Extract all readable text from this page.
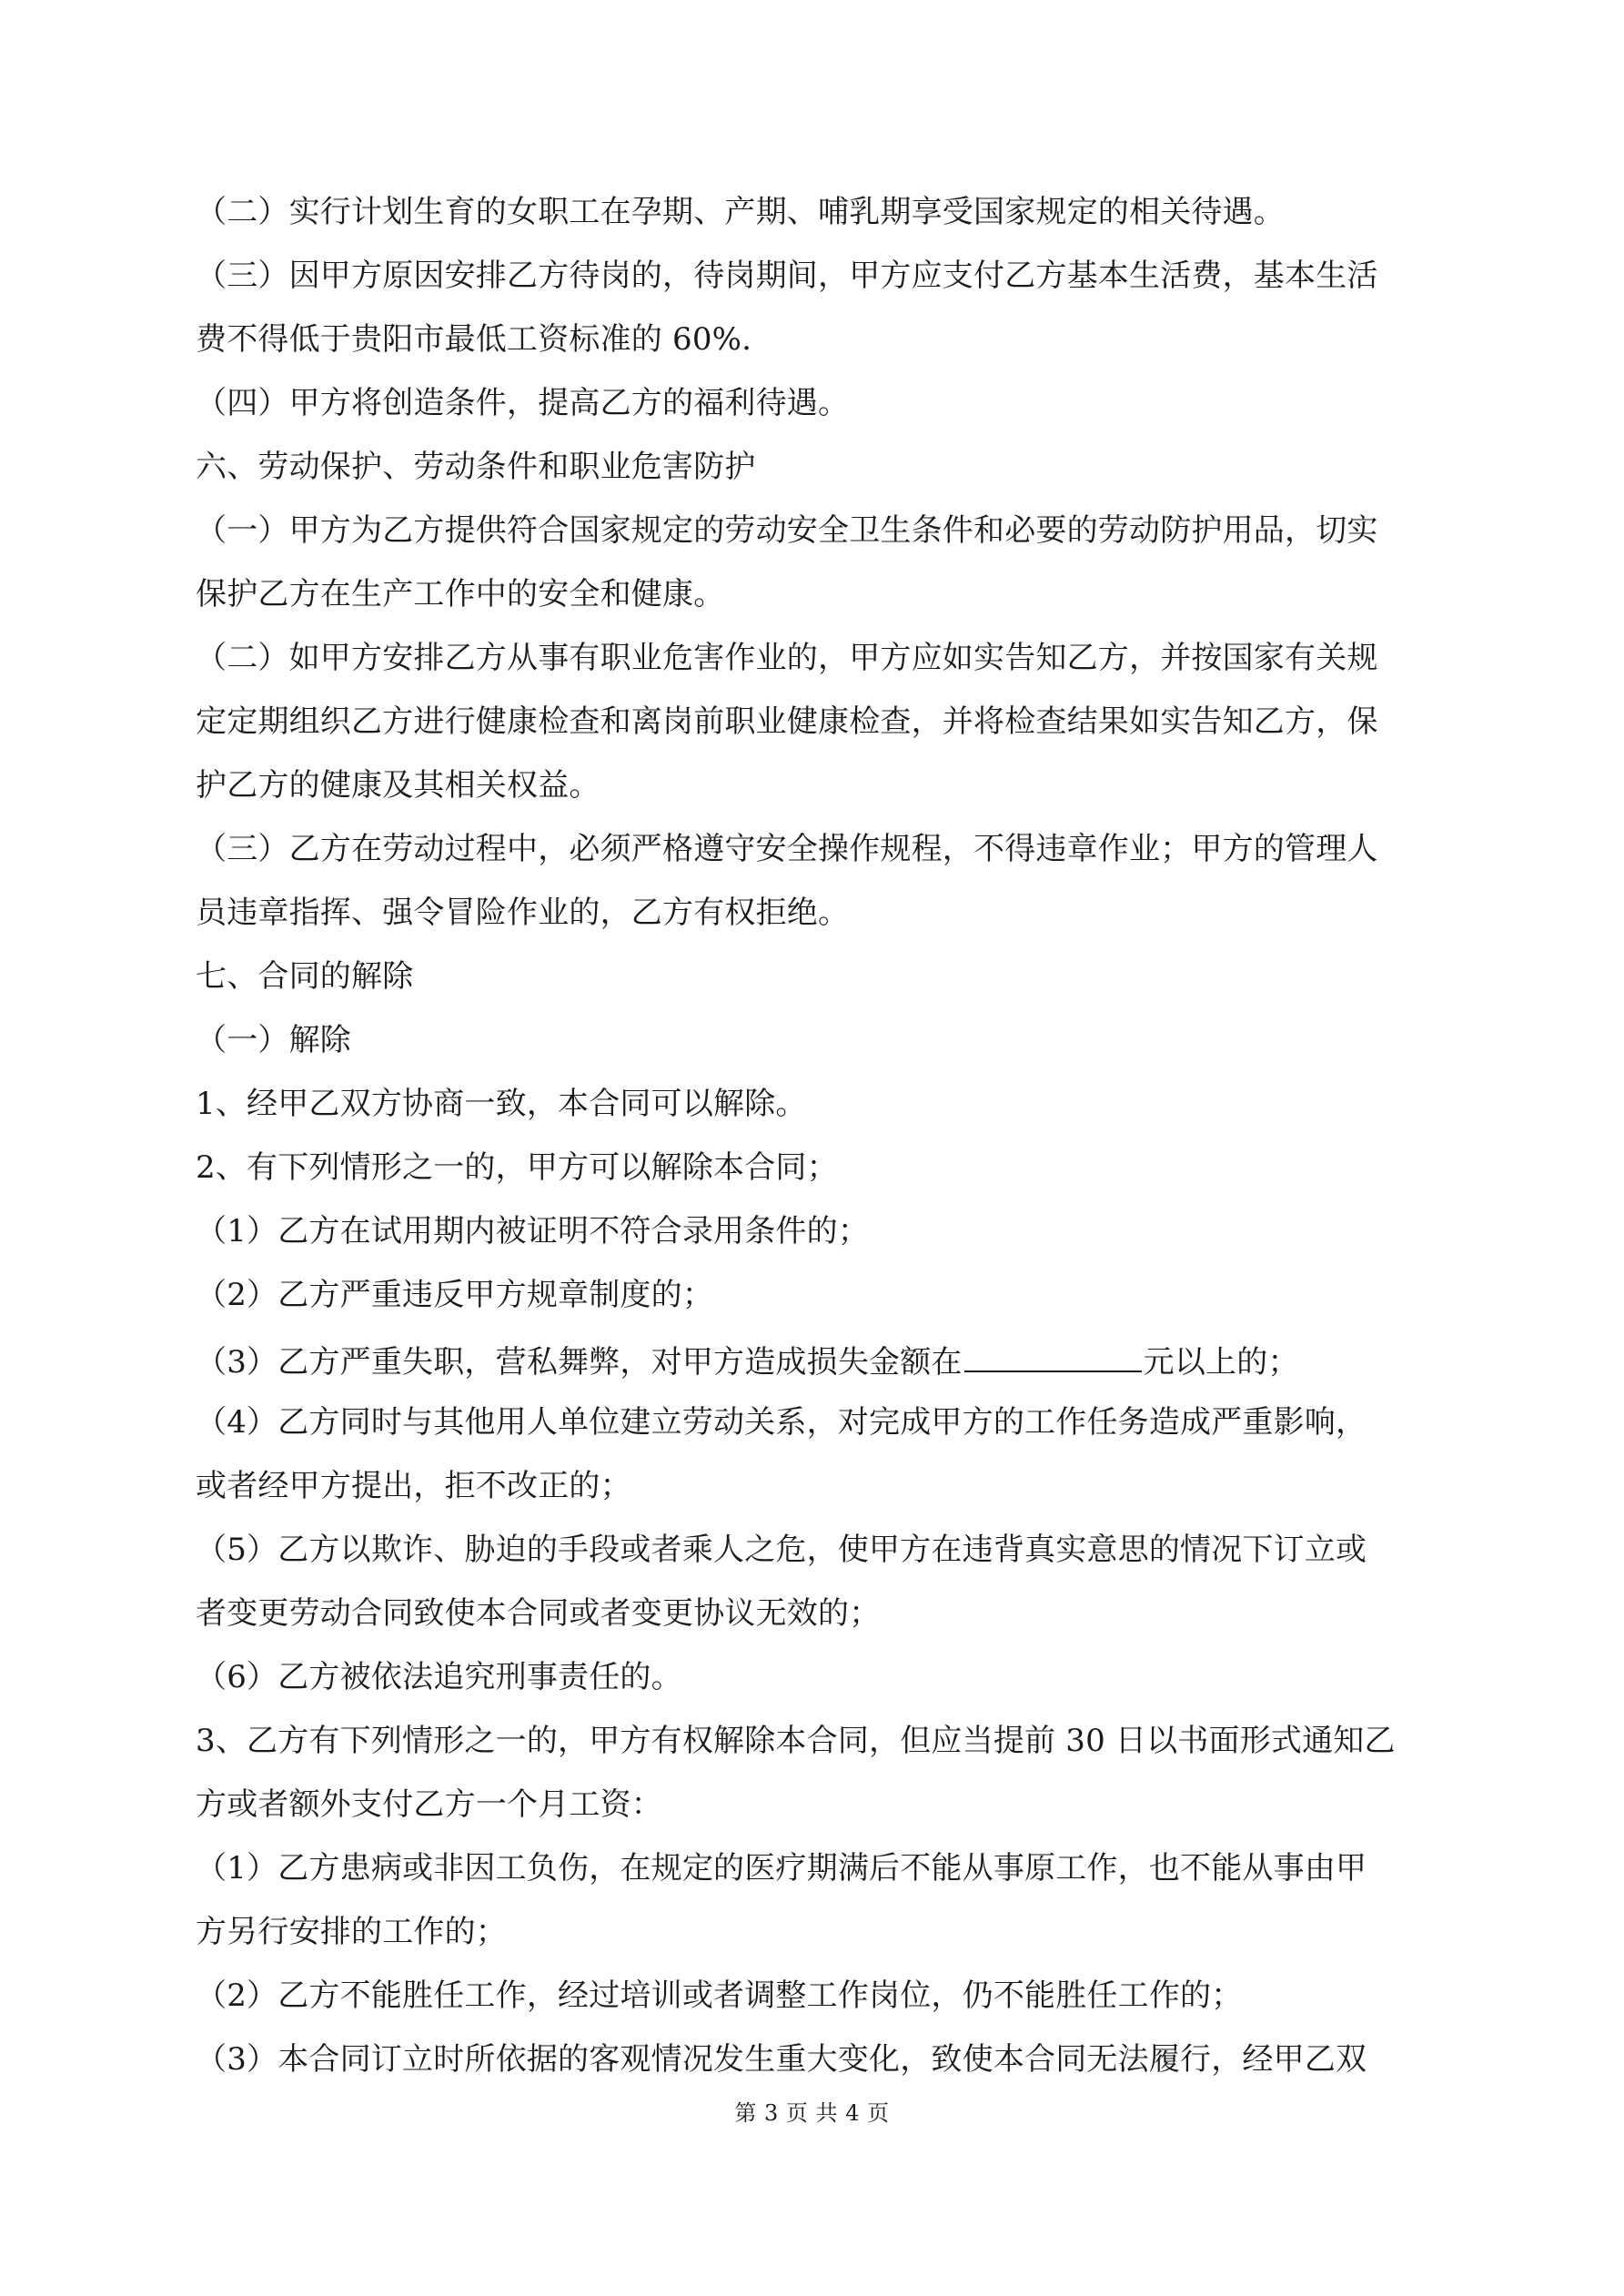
（二）实行计划生育的女职工在孕期、产期、哺乳期享受国家规定的相关待遇。
（三）因甲方原因安排乙方待岗的，待岗期间，甲方应支付乙方基本生活费，基本生活
费不得低于贵阳市最低工资标准的 60%.
（四）甲方将创造条件，提高乙方的福利待遇。
六、劳动保护、劳动条件和职业危害防护
（一）甲方为乙方提供符合国家规定的劳动安全卫生条件和必要的劳动防护用品，切实
保护乙方在生产工作中的安全和健康。
（二）如甲方安排乙方从事有职业危害作业的，甲方应如实告知乙方，并按国家有关规
定定期组织乙方进行健康检查和离岗前职业健康检查，并将检查结果如实告知乙方，保
护乙方的健康及其相关权益。
（三）乙方在劳动过程中，必须严格遵守安全操作规程，不得违章作业；甲方的管理人
员违章指挥、强令冒险作业的，乙方有权拒绝。
七、合同的解除
（一）解除
1、经甲乙双方协商一致，本合同可以解除。
2、有下列情形之一的，甲方可以解除本合同；
（1）乙方在试用期内被证明不符合录用条件的；
（2）乙方严重违反甲方规章制度的；
（3）乙方严重失职，营私舞弊，对甲方造成损失金额在	元以上的；
（4）乙方同时与其他用人单位建立劳动关系，对完成甲方的工作任务造成严重影响，
或者经甲方提出，拒不改正的；
（5）乙方以欺诈、胁迫的手段或者乘人之危，使甲方在违背真实意思的情况下订立或
者变更劳动合同致使本合同或者变更协议无效的；
（6）乙方被依法追究刑事责任的。
3、乙方有下列情形之一的，甲方有权解除本合同，但应当提前 30 日以书面形式通知乙
方或者额外支付乙方一个月工资：
（1）乙方患病或非因工负伤，在规定的医疗期满后不能从事原工作，也不能从事由甲
方另行安排的工作的；
（2）乙方不能胜任工作，经过培训或者调整工作岗位，仍不能胜任工作的；
（3）本合同订立时所依据的客观情况发生重大变化，致使本合同无法履行，经甲乙双
第 3 页 共 4 页
